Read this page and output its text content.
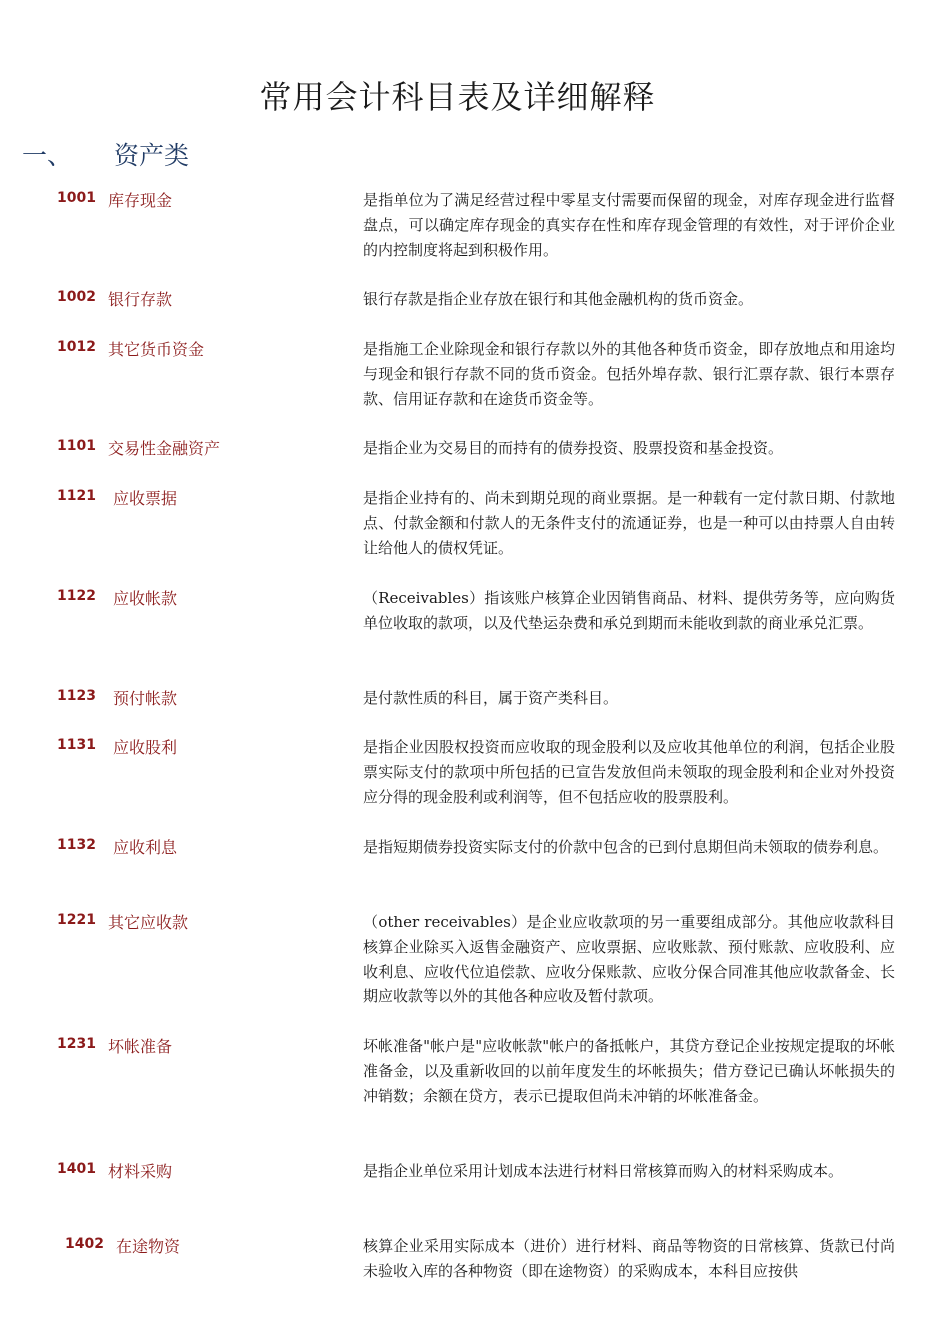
常用会计科目表及详细解释
一、 资产类
1001 库存现金	是指单位为了满足经营过程中零星支付需要而保留的现金，对库存现金进行监督盘点，可以确定库存现金的真实存在性和库存现金管理的有效性，对于评价企业的内控制度将起到积极作用。
1002 银行存款	银行存款是指企业存放在银行和其他金融机构的货币资金。
1012 其它货币资金	是指施工企业除现金和银行存款以外的其他各种货币资金，即存放地点和用途均与现金和银行存款不同的货币资金。包括外埠存款、银行汇票存款、银行本票存款、信用证存款和在途货币资金等。
1101 交易性金融资产	是指企业为交易目的而持有的债券投资、股票投资和基金投资。
1121 应收票据	是指企业持有的、尚未到期兑现的商业票据。是一种载有一定付款日期、付款地点、付款金额和付款人的无条件支付的流通证券，也是一种可以由持票人自由转让给他人的债权凭证。
1122 应收帐款	（Receivables）指该账户核算企业因销售商品、材料、提供劳务等，应向购货单位收取的款项，以及代垫运杂费和承兑到期而未能收到款的商业承兑汇票。
1123 预付帐款	是付款性质的科目，属于资产类科目。
1131 应收股利	是指企业因股权投资而应收取的现金股利以及应收其他单位的利润，包括企业股票实际支付的款项中所包括的已宣告发放但尚未领取的现金股利和企业对外投资应分得的现金股利或利润等，但不包括应收的股票股利。
1132 应收利息	是指短期债券投资实际支付的价款中包含的已到付息期但尚未领取的债券利息。
1221 其它应收款	（other receivables）是企业应收款项的另一重要组成部分。其他应收款科目核算企业除买入返售金融资产、应收票据、应收账款、预付账款、应收股利、应收利息、应收代位追偿款、应收分保账款、应收分保合同准其他应收款备金、长期应收款等以外的其他各种应收及暂付款项。
1231 坏帐准备	坏帐准备"帐户是"应收帐款"帐户的备抵帐户，其贷方登记企业按规定提取的坏帐准备金，以及重新收回的以前年度发生的坏帐损失；借方登记已确认坏帐损失的冲销数；余额在贷方，表示已提取但尚未冲销的坏帐准备金。
1401 材料采购	是指企业单位采用计划成本法进行材料日常核算而购入的材料采购成本。
1402 在途物资	核算企业采用实际成本（进价）进行材料、商品等物资的日常核算、货款已付尚未验收入库的各种物资（即在途物资）的采购成本，本科目应按供
